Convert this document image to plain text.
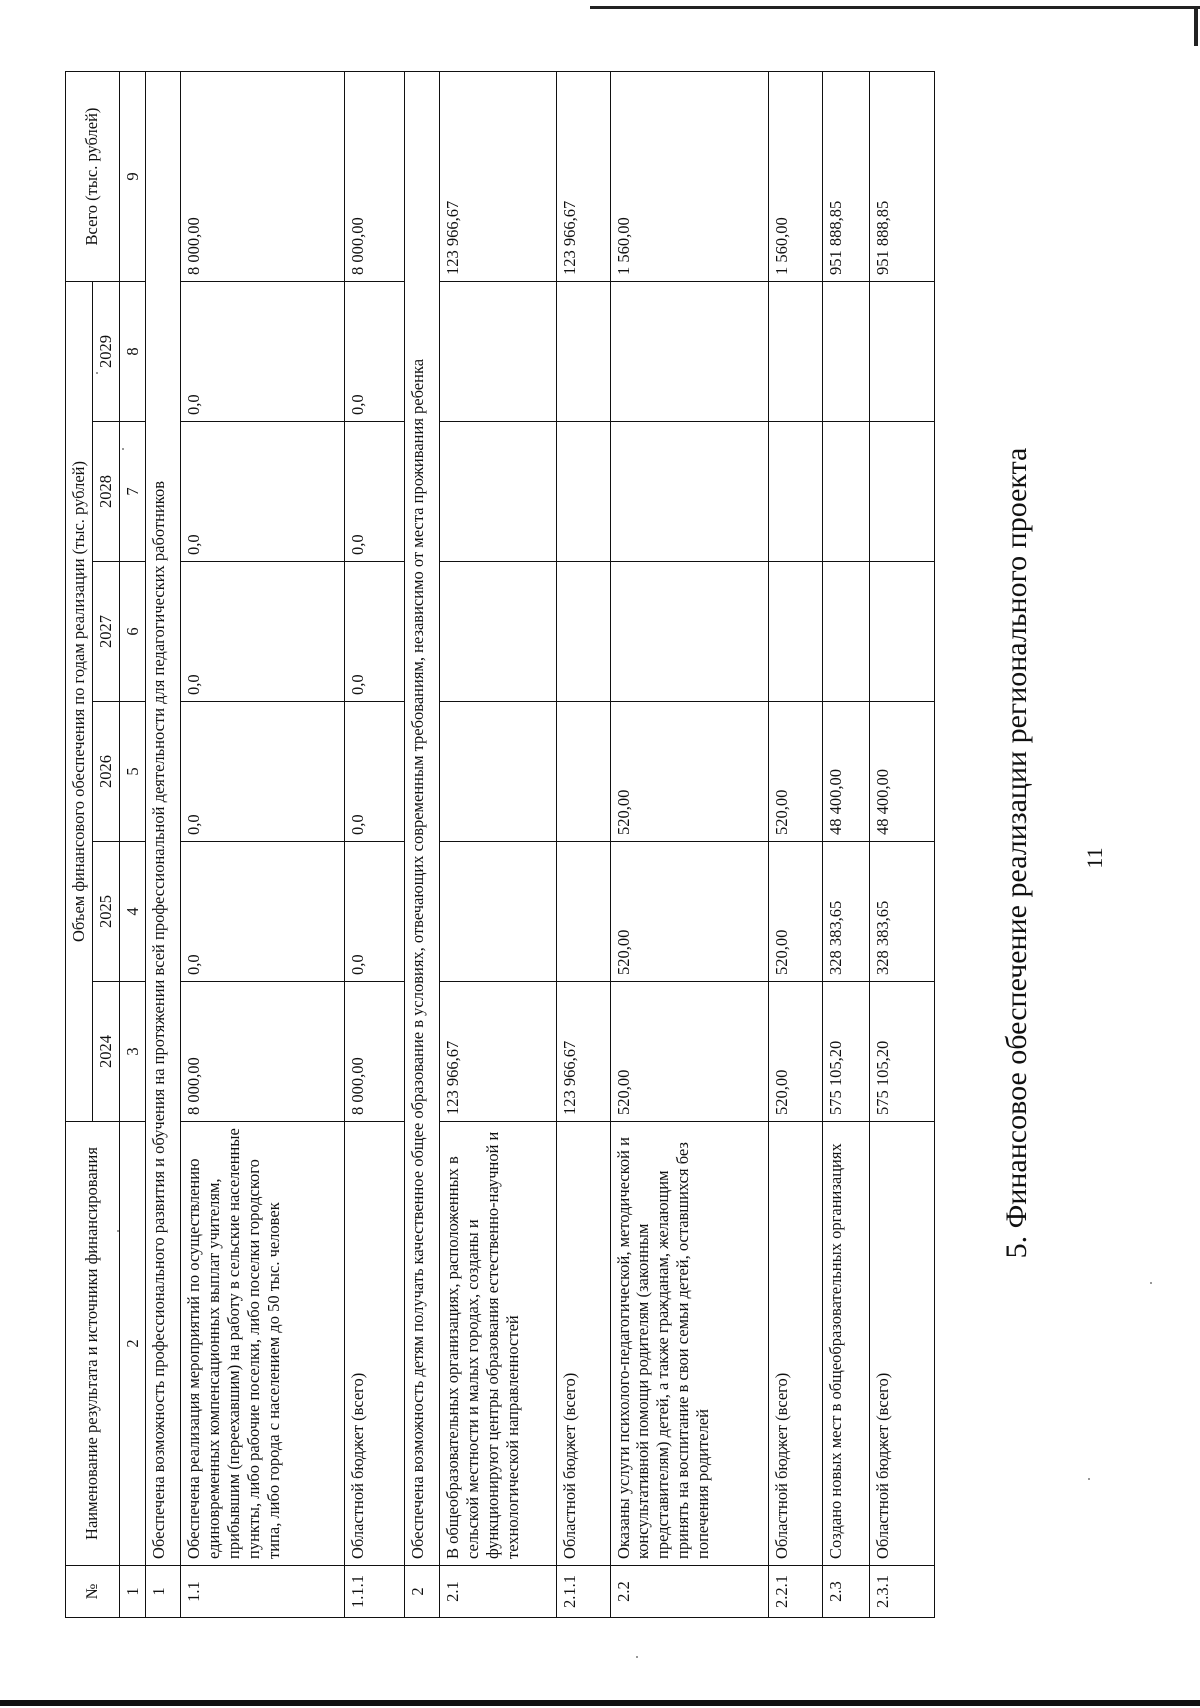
11
5. Финансовое обеспечение реализации регионального проекта
№	Наименование результата и источники финансирования	Объем финансового обеспечения по годам реализации (тыс. рублей)						Всего (тыс. рублей)
		2024	2025	2026	2027	2028	2029	
1	2	3	4	5	6	7	8	9
1	Обеспечена возможность профессионального развития и обучения на протяжении всей профессиональной деятельности для педагогических работников							
1.1	Обеспечена реализация мероприятий по осуществлению единовременных компенсационных выплат учителям, прибывшим (переехавшим) на работу в сельские населенные пункты, либо рабочие поселки, либо поселки городского типа, либо города с населением до 50 тыс. человек	8 000,00	0,0	0,0	0,0	0,0	0,0	8 000,00
1.1.1	Областной бюджет (всего)	8 000,00	0,0	0,0	0,0	0,0	0,0	8 000,00
2	Обеспечена возможность детям получать качественное общее образование в условиях, отвечающих современным требованиям, независимо от места проживания ребенка							
2.1	В общеобразовательных организациях, расположенных в сельской местности и малых городах, созданы и функционируют центры образования естественно-научной и технологической направленностей	123 966,67						123 966,67
2.1.1	Областной бюджет (всего)	123 966,67						123 966,67
2.2	Оказаны услуги психолого-педагогической, методической и консультативной помощи родителям (законным представителям) детей, а также гражданам, желающим принять на воспитание в свои семьи детей, оставшихся без попечения родителей	520,00	520,00	520,00				1 560,00
2.2.1	Областной бюджет (всего)	520,00	520,00	520,00				1 560,00
2.3	Создано новых мест в общеобразовательных организациях	575 105,20	328 383,65	48 400,00				951 888,85
2.3.1	Областной бюджет (всего)	575 105,20	328 383,65	48 400,00				951 888,85
